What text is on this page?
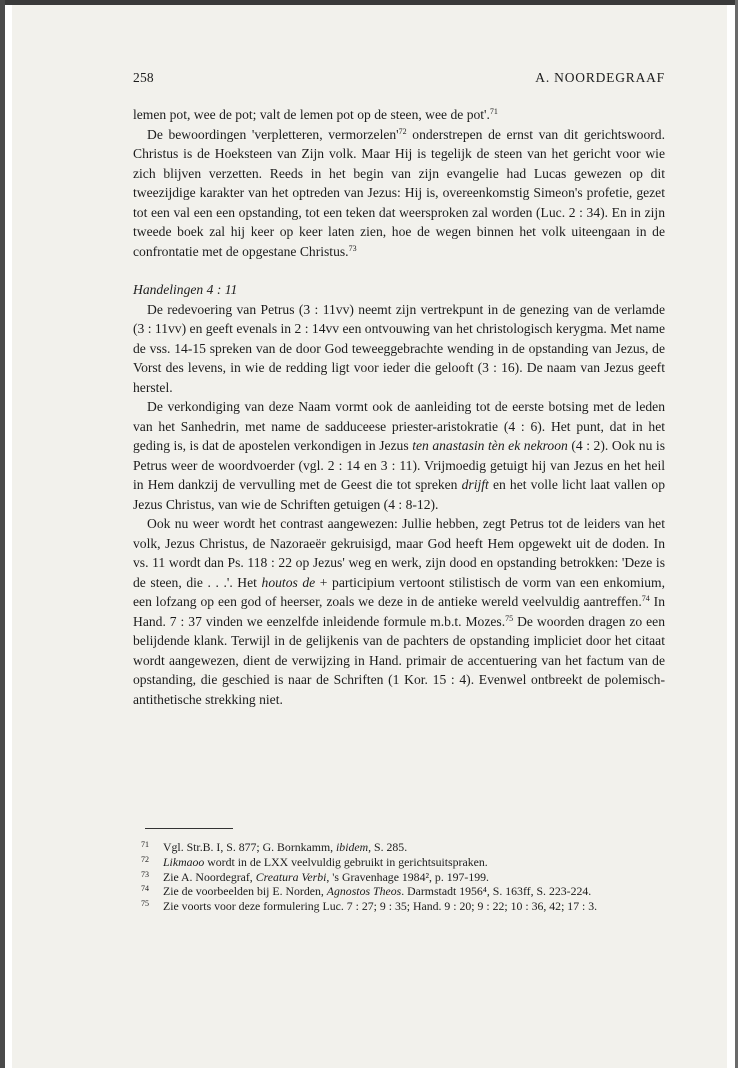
258	A. NOORDEGRAAF

lemen pot, wee de pot; valt de lemen pot op de steen, wee de pot'.$^{71}$

De bewoordingen 'verpletteren, $vermorzelen'^{72}$ onderstrepen de ernst van dit gerichtswoord. Christus is de Hoeksteen van Zijn volk. Maar Hij is tegelijk de steen van het gericht voor wie zich blijven verzetten. Reeds in het begin van zijn evangelie had Lucas gewezen op dit tweezijdige karakter van het optreden van Jezus: Hij is, overeenkomstig Simeon's profetie, gezet tot een val een een opstanding, tot een teken dat weersproken zal worden (Luc. 2 : 34). En in zijn tweede boek zal hij keer op keer laten zien, hoe de wegen binnen het volk uiteengaan in de confrontatie met de opgestane Christus.$^{73}$

Handelingen 4 : 11

De redevoering van Petrus (3 : 11vv) neemt zijn vertrekpunt in de genezing van de verlamde (3 : 11vv) en geeft evenals in 2 : 14vv een ontvouwing van het christologisch kerygma. Met name de vss. 14-15 spreken van de door God teweeggebrachte wending in de opstanding van Jezus, de Vorst des levens, in wie de redding ligt voor ieder die gelooft (3 : 16). De naam van Jezus geeft herstel.

De verkondiging van deze Naam vormt ook de aanleiding tot de eerste botsing met de leden van het Sanhedrin, met name de sadduceese priester-aristokratie (4 : 6). Het punt, dat in het geding is, is dat de apostelen verkondigen in Jezus ten anastasin tèn ek nekroon (4 : 2). Ook nu is Petrus weer de woordvoerder (vgl. 2 : 14 en 3 : 11). Vrijmoedig getuigt hij van Jezus en het heil in Hem dankzij de vervulling met de Geest die tot spreken drijft en het volle licht laat vallen op Jezus Christus, van wie de Schriften getuigen (4 : 8-12).

Ook nu weer wordt het contrast aangewezen: Jullie hebben, zegt Petrus tot de leiders van het volk, Jezus Christus, de Nazoraeër gekruisigd, maar God heeft Hem opgewekt uit de doden. In vs. 11 wordt dan Ps. 118 : 22 op Jezus' weg en werk, zijn dood en opstanding betrokken: 'Deze is de steen, die . . .'. Het houtos de + participium vertoont stilistisch de vorm van een enkomium, een lofzang op een god of heerser, zoals we deze in de antieke wereld veelvuldig aantreffen.$^{74}$ In Hand. 7 : 37 vinden we eenzelfde inleidende formule m.b.t. Mozes.$^{75}$ De woorden dragen zo een belijdende klank. Terwijl in de gelijkenis van de pachters de opstanding impliciet door het citaat wordt aangewezen, dient de verwijzing in Hand. primair de accentuering van het factum van de opstanding, die geschied is naar de Schriften (1 Kor. 15 : 4). Evenwel ontbreekt de polemisch-antithetische strekking niet.

71 Vgl. Str.B. I, S. 877; G. Bornkamm, ibidem, S. 285.
72 Likmaoo wordt in de LXX veelvuldig gebruikt in gerichtsuitspraken.
73 Zie A. Noordegraf, Creatura Verbi, 's Gravenhage 1984², p. 197-199.
74 Zie de voorbeelden bij E. Norden, Agnostos Theos. Darmstadt 1956⁴, S. 163ff, S. 223-224.
75 Zie voorts voor deze formulering Luc. 7 : 27; 9 : 35; Hand. 9 : 20; 9 : 22; 10 : 36, 42; 17 : 3.
